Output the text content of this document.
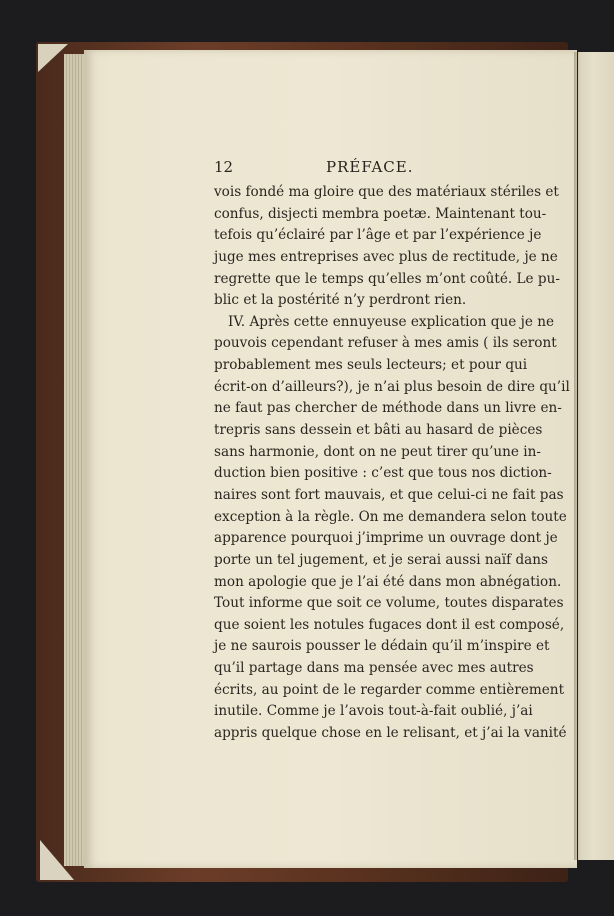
12	PRÉFACE.
vois fondé ma gloire que des matériaux stériles et
confus, disjecti membra poetæ. Maintenant tou-
tefois qu’éclairé par l’âge et par l’expérience je
juge mes entreprises avec plus de rectitude, je ne
regrette que le temps qu’elles m’ont coûté. Le pu-
blic et la postérité n’y perdront rien.
IV. Après cette ennuyeuse explication que je ne
pouvois cependant refuser à mes amis ( ils seront
probablement mes seuls lecteurs; et pour qui
écrit-on d’ailleurs?), je n’ai plus besoin de dire qu’il
ne faut pas chercher de méthode dans un livre en-
trepris sans dessein et bâti au hasard de pièces
sans harmonie, dont on ne peut tirer qu’une in-
duction bien positive : c’est que tous nos diction-
naires sont fort mauvais, et que celui-ci ne fait pas
exception à la règle. On me demandera selon toute
apparence pourquoi j’imprime un ouvrage dont je
porte un tel jugement, et je serai aussi naïf dans
mon apologie que je l’ai été dans mon abnégation.
Tout informe que soit ce volume, toutes disparates
que soient les notules fugaces dont il est composé,
je ne saurois pousser le dédain qu’il m’inspire et
qu’il partage dans ma pensée avec mes autres
écrits, au point de le regarder comme entièrement
inutile. Comme je l’avois tout-à-fait oublié, j’ai
appris quelque chose en le relisant, et j’ai la vanité
